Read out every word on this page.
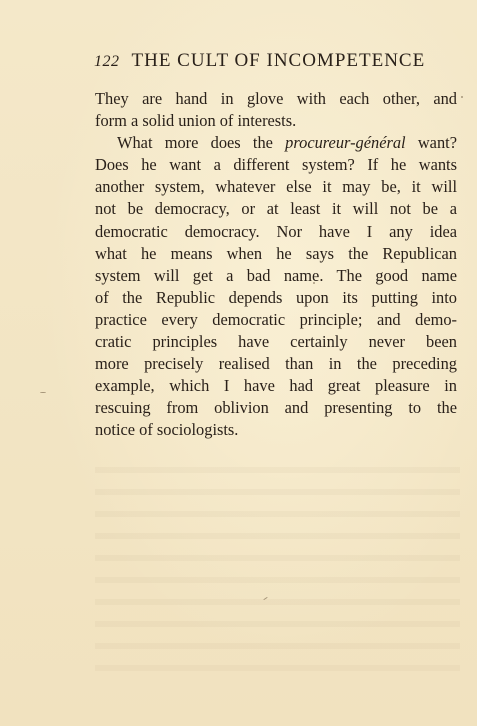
122 THE CULT OF INCOMPETENCE
They are hand in glove with each other, and
form a solid union of interests.
What more does the procureur-général want?
Does he want a different system? If he wants
another system, whatever else it may be, it will
not be democracy, or at least it will not be a
democratic democracy. Nor have I any idea
what he means when he says the Republican
system will get a bad name. The good name
of the Republic depends upon its putting into
practice every democratic principle; and demo-
cratic principles have certainly never been
more precisely realised than in the preceding
example, which I have had great pleasure in
rescuing from oblivion and presenting to the
notice of sociologists.
